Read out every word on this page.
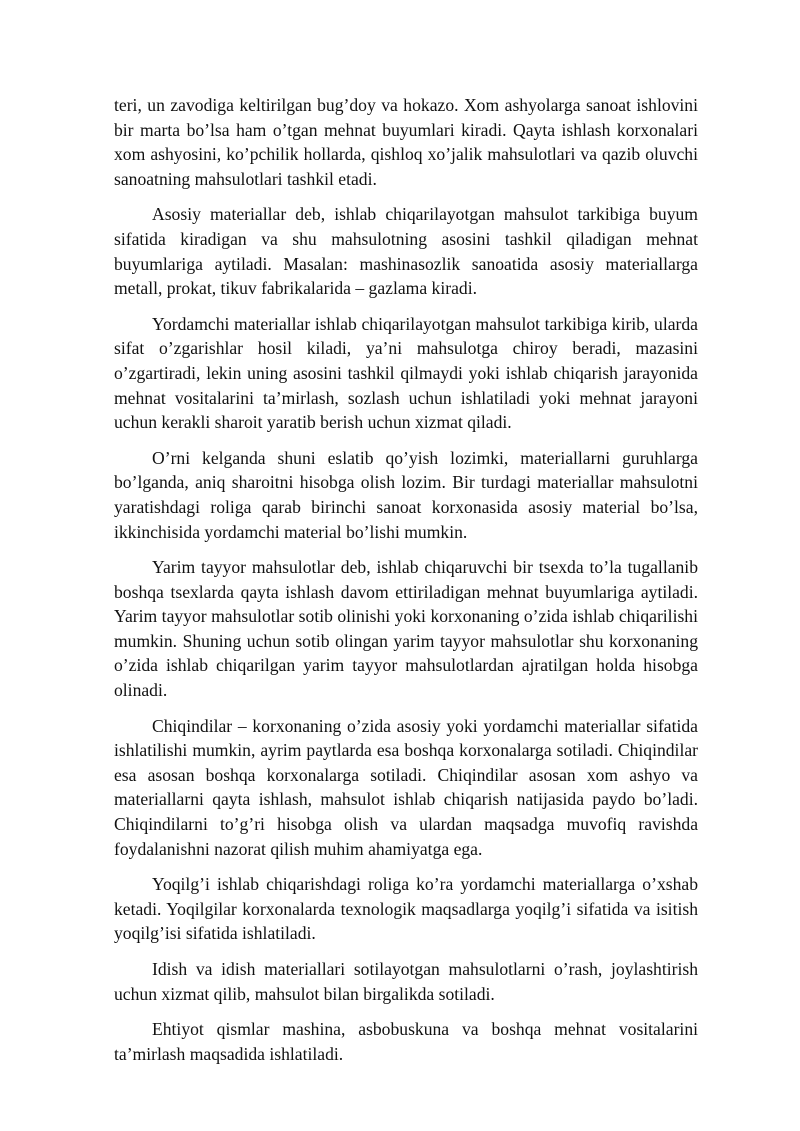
teri, un zavodiga keltirilgan bug’doy va hokazo. Xom ashyolarga sanoat ishlovini bir marta bo’lsa ham o’tgan mehnat buyumlari kiradi. Qayta ishlash korxonalari xom ashyosini, ko’pchilik hollarda, qishloq xo’jalik mahsulotlari va qazib oluvchi sanoatning mahsulotlari tashkil etadi.

Asosiy materiallar deb, ishlab chiqarilayotgan mahsulot tarkibiga buyum sifatida kiradigan va shu mahsulotning asosini tashkil qiladigan mehnat buyumlariga aytiladi. Masalan: mashinasozlik sanoatida asosiy materiallarga metall, prokat, tikuv fabrikalarida – gazlama kiradi.

Yordamchi materiallar ishlab chiqarilayotgan mahsulot tarkibiga kirib, ularda sifat o’zgarishlar hosil kiladi, ya’ni mahsulotga chiroy beradi, mazasini o’zgartiradi, lekin uning asosini tashkil qilmaydi yoki ishlab chiqarish jarayonida mehnat vositalarini ta’mirlash, sozlash uchun ishlatiladi yoki mehnat jarayoni uchun kerakli sharoit yaratib berish uchun xizmat qiladi.

O’rni kelganda shuni eslatib qo’yish lozimki, materiallarni guruhlarga bo’lganda, aniq sharoitni hisobga olish lozim. Bir turdagi materiallar mahsulotni yaratishdagi roliga qarab birinchi sanoat korxonasida asosiy material bo’lsa, ikkinchisida yordamchi material bo’lishi mumkin.

Yarim tayyor mahsulotlar deb, ishlab chiqaruvchi bir tsexda to’la tugallanib boshqa tsexlarda qayta ishlash davom ettiriladigan mehnat buyumlariga aytiladi. Yarim tayyor mahsulotlar sotib olinishi yoki korxonaning o’zida ishlab chiqarilishi mumkin. Shuning uchun sotib olingan yarim tayyor mahsulotlar shu korxonaning o’zida ishlab chiqarilgan yarim tayyor mahsulotlardan ajratilgan holda hisobga olinadi.

Chiqindilar – korxonaning o’zida asosiy yoki yordamchi materiallar sifatida ishlatilishi mumkin, ayrim paytlarda esa boshqa korxonalarga sotiladi. Chiqindilar esa asosan boshqa korxonalarga sotiladi. Chiqindilar asosan xom ashyo va materiallarni qayta ishlash, mahsulot ishlab chiqarish natijasida paydo bo’ladi. Chiqindilarni to’g’ri hisobga olish va ulardan maqsadga muvofiq ravishda foydalanishni nazorat qilish muhim ahamiyatga ega.

Yoqilg’i ishlab chiqarishdagi roliga ko’ra yordamchi materiallarga o’xshab ketadi. Yoqilgilar korxonalarda texnologik maqsadlarga yoqilg’i sifatida va isitish yoqilg’isi sifatida ishlatiladi.

Idish va idish materiallari sotilayotgan mahsulotlarni o’rash, joylashtirish uchun xizmat qilib, mahsulot bilan birgalikda sotiladi.

Ehtiyot qismlar mashina, asbobuskuna va boshqa mehnat vositalarini ta’mirlash maqsadida ishlatiladi.
